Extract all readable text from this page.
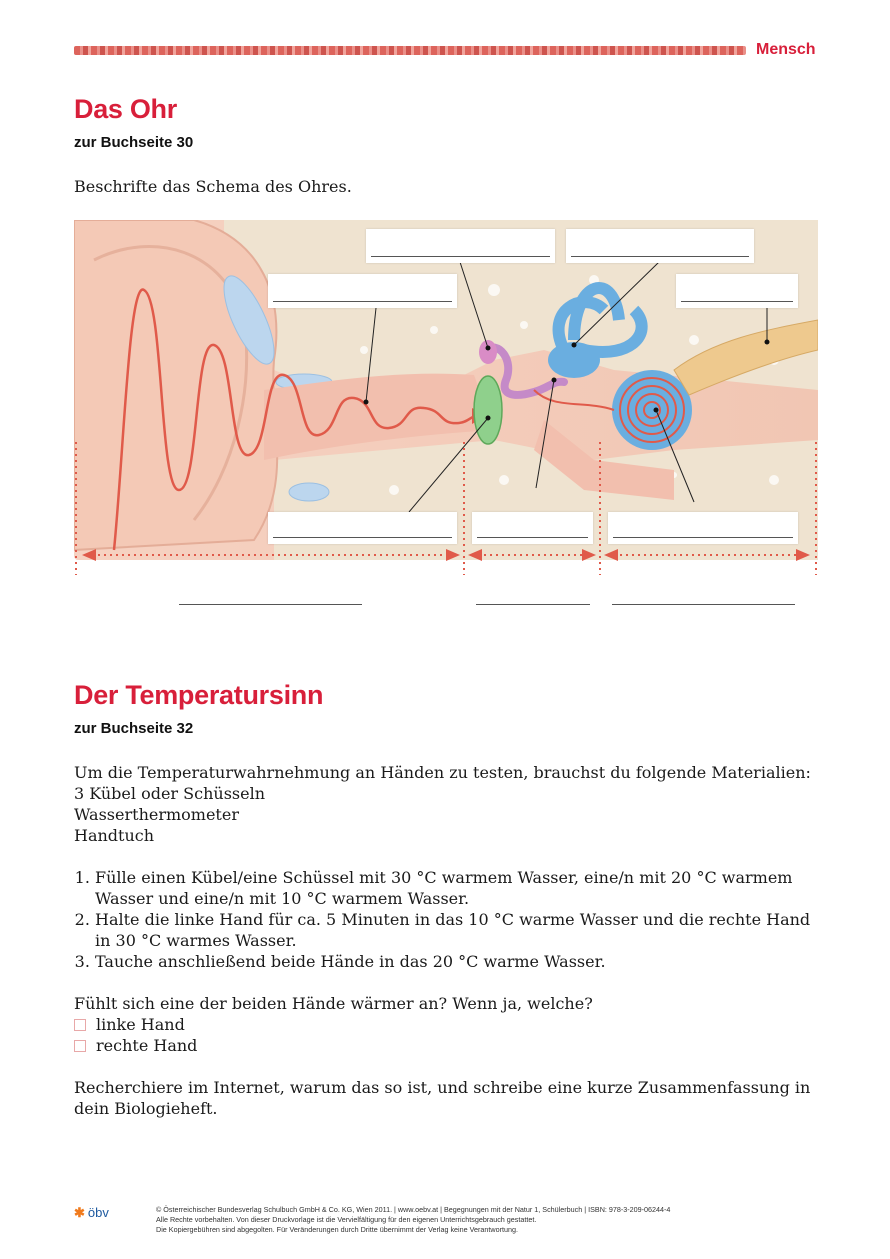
Mensch
Das Ohr
zur Buchseite 30
Beschrifte das Schema des Ohres.
Der Temperatursinn
zur Buchseite 32
Um die Temperaturwahrnehmung an Händen zu testen, brauchst du folgende Materialien:
3 Kübel oder Schüsseln
Wasserthermometer
Handtuch
1. Fülle einen Kübel/eine Schüssel mit 30 °C warmem Wasser, eine/n mit 20 °C warmem Wasser und eine/n mit 10 °C warmem Wasser.
2. Halte die linke Hand für ca. 5 Minuten in das 10 °C warme Wasser und die rechte Hand in 30 °C warmes Wasser.
3. Tauche anschließend beide Hände in das 20 °C warme Wasser.
Fühlt sich eine der beiden Hände wärmer an? Wenn ja, welche?
linke Hand
rechte Hand
Recherchiere im Internet, warum das so ist, und schreibe eine kurze Zusammenfassung in dein Biologieheft.
✱ öbv	© Österreichischer Bundesverlag Schulbuch GmbH & Co. KG, Wien 2011. | www.oebv.at | Begegnungen mit der Natur 1, Schülerbuch | ISBN: 978-3-209-06244-4
Alle Rechte vorbehalten. Von dieser Druckvorlage ist die Vervielfältigung für den eigenen Unterrichtsgebrauch gestattet.
Die Kopiergebühren sind abgegolten. Für Veränderungen durch Dritte übernimmt der Verlag keine Verantwortung.
